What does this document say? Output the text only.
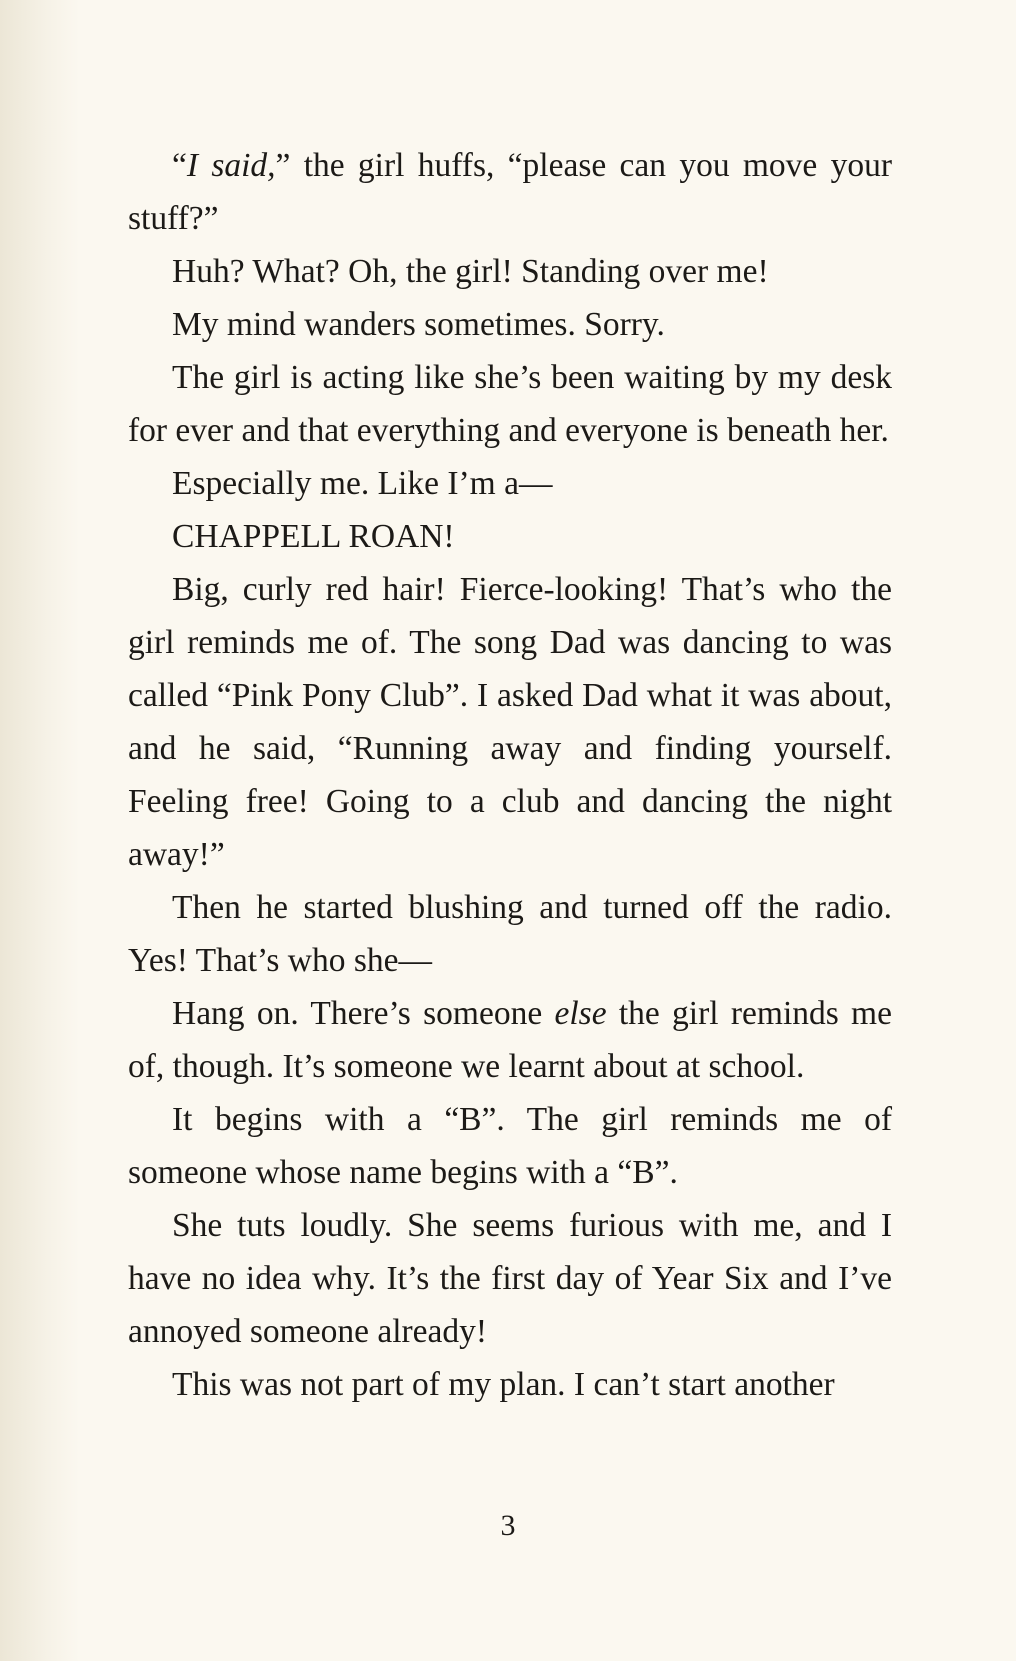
“I said,” the girl huffs, “please can you move your stuff?”

Huh? What? Oh, the girl! Standing over me!

My mind wanders sometimes. Sorry.

The girl is acting like she’s been waiting by my desk for ever and that everything and everyone is beneath her.

Especially me. Like I’m a—

CHAPPELL ROAN!

Big, curly red hair! Fierce-looking! That’s who the girl reminds me of. The song Dad was dancing to was called “Pink Pony Club”. I asked Dad what it was about, and he said, “Running away and finding yourself. Feeling free! Going to a club and dancing the night away!”

Then he started blushing and turned off the radio. Yes! That’s who she—

Hang on. There’s someone else the girl reminds me of, though. It’s someone we learnt about at school.

It begins with a “B”. The girl reminds me of someone whose name begins with a “B”.

She tuts loudly. She seems furious with me, and I have no idea why. It’s the first day of Year Six and I’ve annoyed someone already!

This was not part of my plan. I can’t start another

3
